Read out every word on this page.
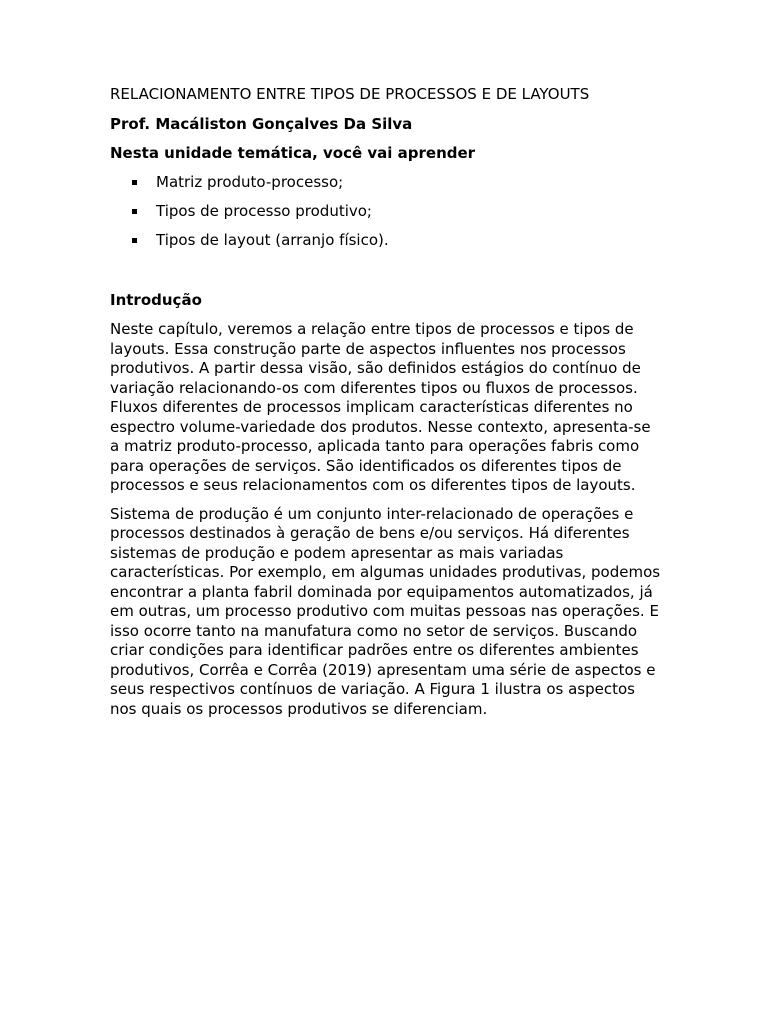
RELACIONAMENTO ENTRE TIPOS DE PROCESSOS E DE LAYOUTS
Prof. Macáliston Gonçalves Da Silva
Nesta unidade temática, você vai aprender
Matriz produto-processo;
Tipos de processo produtivo;
Tipos de layout (arranjo físico).
Introdução

Neste capítulo, veremos a relação entre tipos de processos e tipos de layouts. Essa construção parte de aspectos influentes nos processos produtivos. A partir dessa visão, são definidos estágios do contínuo de variação relacionando-os com diferentes tipos ou fluxos de processos. Fluxos diferentes de processos implicam características diferentes no espectro volume-variedade dos produtos. Nesse contexto, apresenta-se a matriz produto-processo, aplicada tanto para operações fabris como para operações de serviços. São identificados os diferentes tipos de processos e seus relacionamentos com os diferentes tipos de layouts.

Sistema de produção é um conjunto inter-relacionado de operações e processos destinados à geração de bens e/ou serviços. Há diferentes sistemas de produção e podem apresentar as mais variadas características. Por exemplo, em algumas unidades produtivas, podemos encontrar a planta fabril dominada por equipamentos automatizados, já em outras, um processo produtivo com muitas pessoas nas operações. E isso ocorre tanto na manufatura como no setor de serviços. Buscando criar condições para identificar padrões entre os diferentes ambientes produtivos, Corrêa e Corrêa (2019) apresentam uma série de aspectos e seus respectivos contínuos de variação. A Figura 1 ilustra os aspectos nos quais os processos produtivos se diferenciam.
